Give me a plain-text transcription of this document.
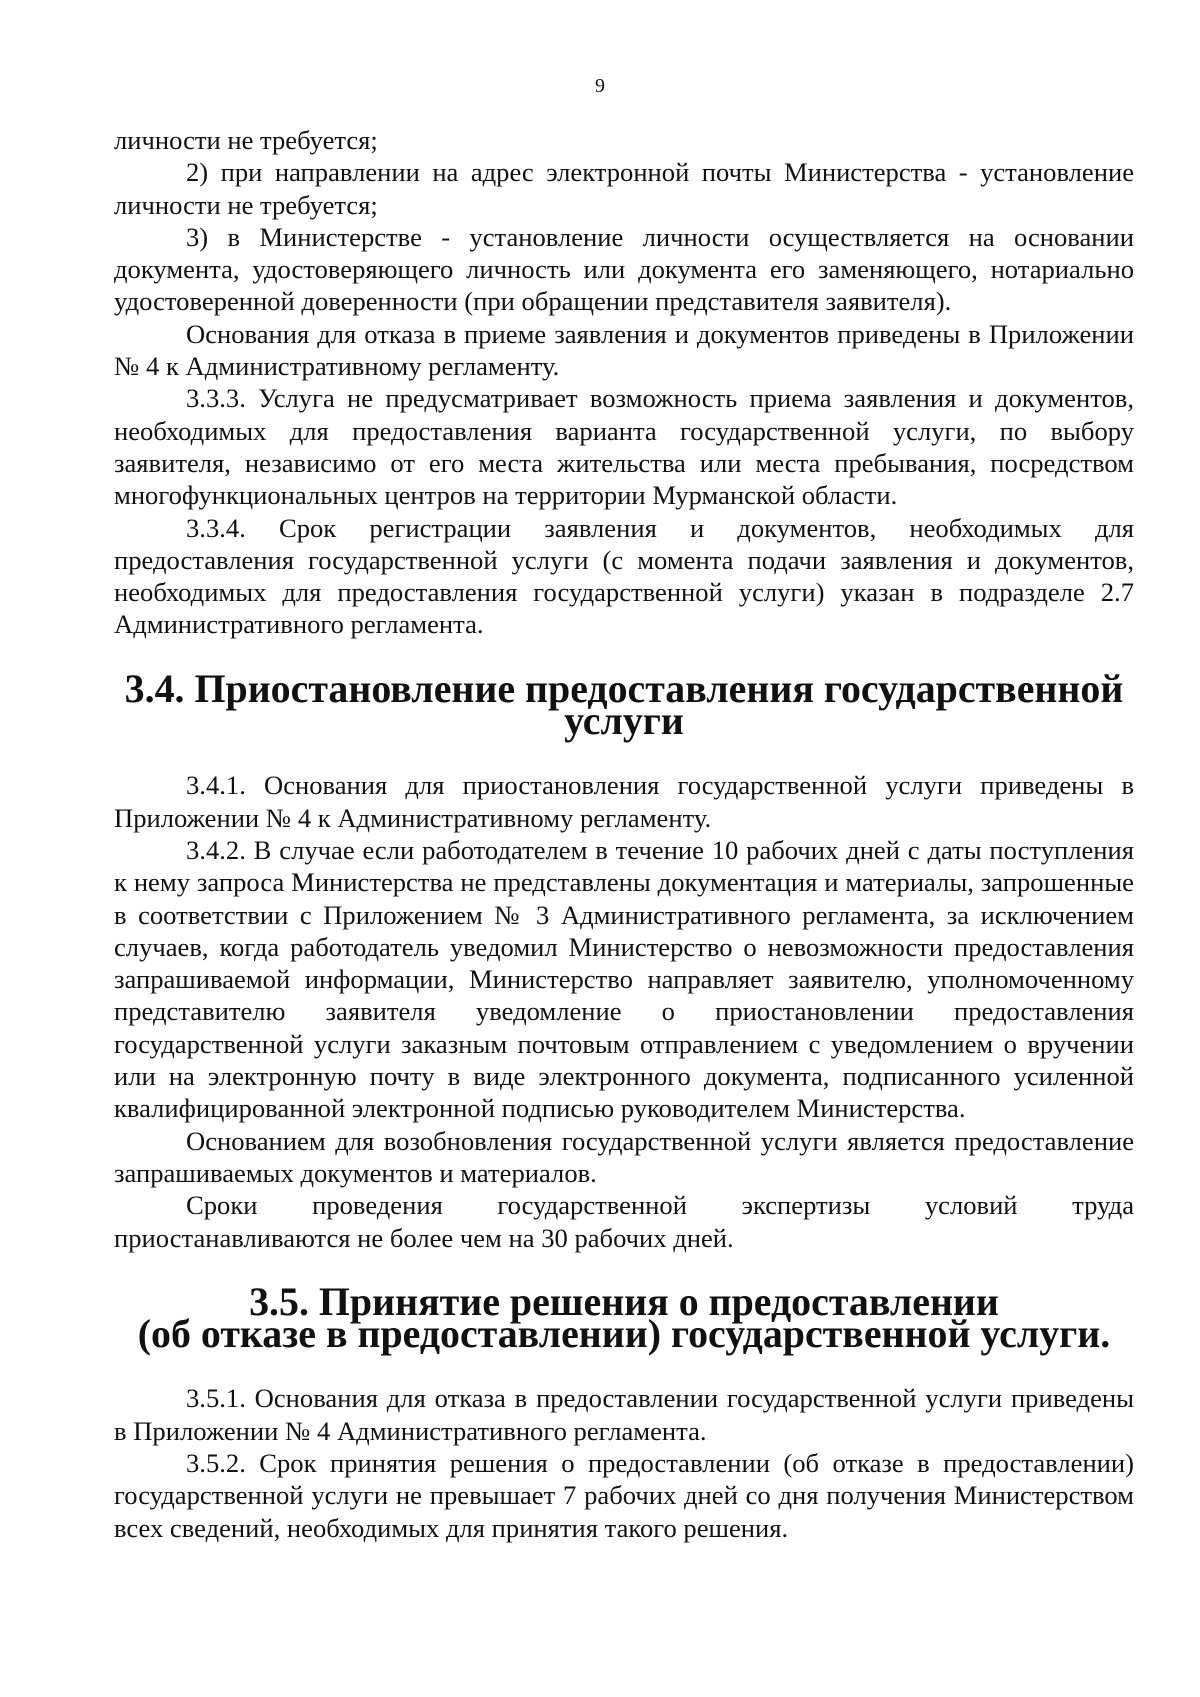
9

личности не требуется;

2) при направлении на адрес электронной почты Министерства - установление личности не требуется;

3) в Министерстве - установление личности осуществляется на основании документа, удостоверяющего личность или документа его заменяющего, нотариально удостоверенной доверенности (при обращении представителя заявителя).

Основания для отказа в приеме заявления и документов приведены в Приложении № 4 к Административному регламенту.

3.3.3. Услуга не предусматривает возможность приема заявления и документов, необходимых для предоставления варианта государственной услуги, по выбору заявителя, независимо от его места жительства или места пребывания, посредством многофункциональных центров на территории Мурманской области.

3.3.4. Срок регистрации заявления и документов, необходимых для предоставления государственной услуги (с момента подачи заявления и документов, необходимых для предоставления государственной услуги) указан в подразделе 2.7 Административного регламента.

3.4. Приостановление предоставления государственной услуги

3.4.1. Основания для приостановления государственной услуги приведены в Приложении № 4 к Административному регламенту.

3.4.2. В случае если работодателем в течение 10 рабочих дней с даты поступления к нему запроса Министерства не представлены документация и материалы, запрошенные в соответствии с Приложением № 3 Административного регламента, за исключением случаев, когда работодатель уведомил Министерство о невозможности предоставления запрашиваемой информации, Министерство направляет заявителю, уполномоченному представителю заявителя уведомление о приостановлении предоставления государственной услуги заказным почтовым отправлением с уведомлением о вручении или на электронную почту в виде электронного документа, подписанного усиленной квалифицированной электронной подписью руководителем Министерства.

Основанием для возобновления государственной услуги является предоставление запрашиваемых документов и материалов.

Сроки проведения государственной экспертизы условий труда приостанавливаются не более чем на 30 рабочих дней.

3.5. Принятие решения о предоставлении
(об отказе в предоставлении) государственной услуги.

3.5.1. Основания для отказа в предоставлении государственной услуги приведены в Приложении № 4 Административного регламента.

3.5.2. Срок принятия решения о предоставлении (об отказе в предоставлении) государственной услуги не превышает 7 рабочих дней со дня получения Министерством всех сведений, необходимых для принятия такого решения.
